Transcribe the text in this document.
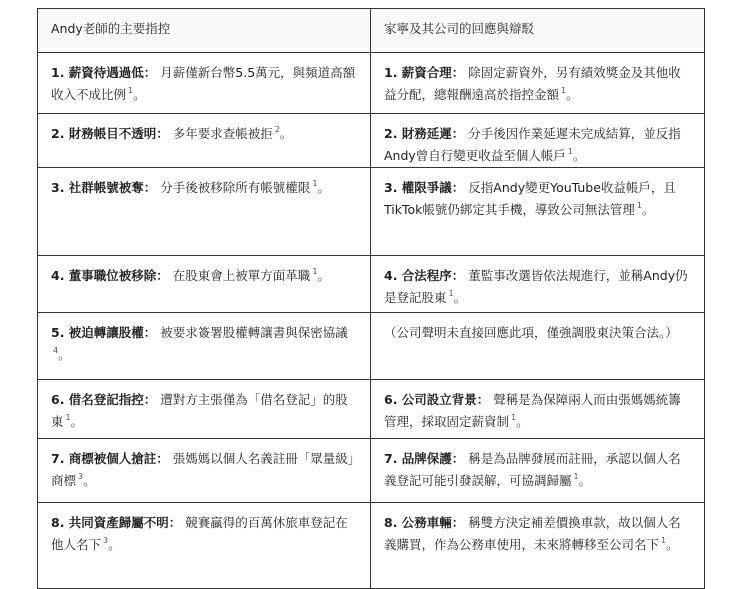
Andy老師的主要指控	家寧及其公司的回應與辯駁
1. 薪資待遇過低： 月薪僅新台幣5.5萬元，與頻道高額收入不成比例 $^1$。	1. 薪資合理： 除固定薪資外，另有績效獎金及其他收益分配，總報酬遠高於指控金額 $^1$。
2. 財務帳目不透明： 多年要求查帳被拒 $^2$。	2. 財務延遲： 分手後因作業延遲未完成結算，並反指Andy曾自行變更收益至個人帳戶 $^1$。
3. 社群帳號被奪： 分手後被移除所有帳號權限 $^1$。	3. 權限爭議： 反指Andy變更YouTube收益帳戶，且TikTok帳號仍綁定其手機，導致公司無法管理 $^1$。
4. 董事職位被移除： 在股東會上被單方面革職 $^1$。	4. 合法程序： 董監事改選皆依法規進行，並稱Andy仍是登記股東 $^1$。
5. 被迫轉讓股權： 被要求簽署股權轉讓書與保密協議$^4$。	（公司聲明未直接回應此項，僅強調股東決策合法。）
6. 借名登記指控： 遭對方主張僅為「借名登記」的股東 $^1$。	6. 公司設立背景： 聲稱是為保障兩人而由張媽媽統籌管理，採取固定薪資制 $^1$。
7. 商標被個人搶註： 張媽媽以個人名義註冊「眾量級」商標 $^3$。	7. 品牌保護： 稱是為品牌發展而註冊，承認以個人名義登記可能引發誤解，可協調歸屬 $^1$。
8. 共同資產歸屬不明： 競賽贏得的百萬休旅車登記在他人名下 $^3$。	8. 公務車輛： 稱雙方決定補差價換車款，故以個人名義購買，作為公務車使用，未來將轉移至公司名下 $^1$。
